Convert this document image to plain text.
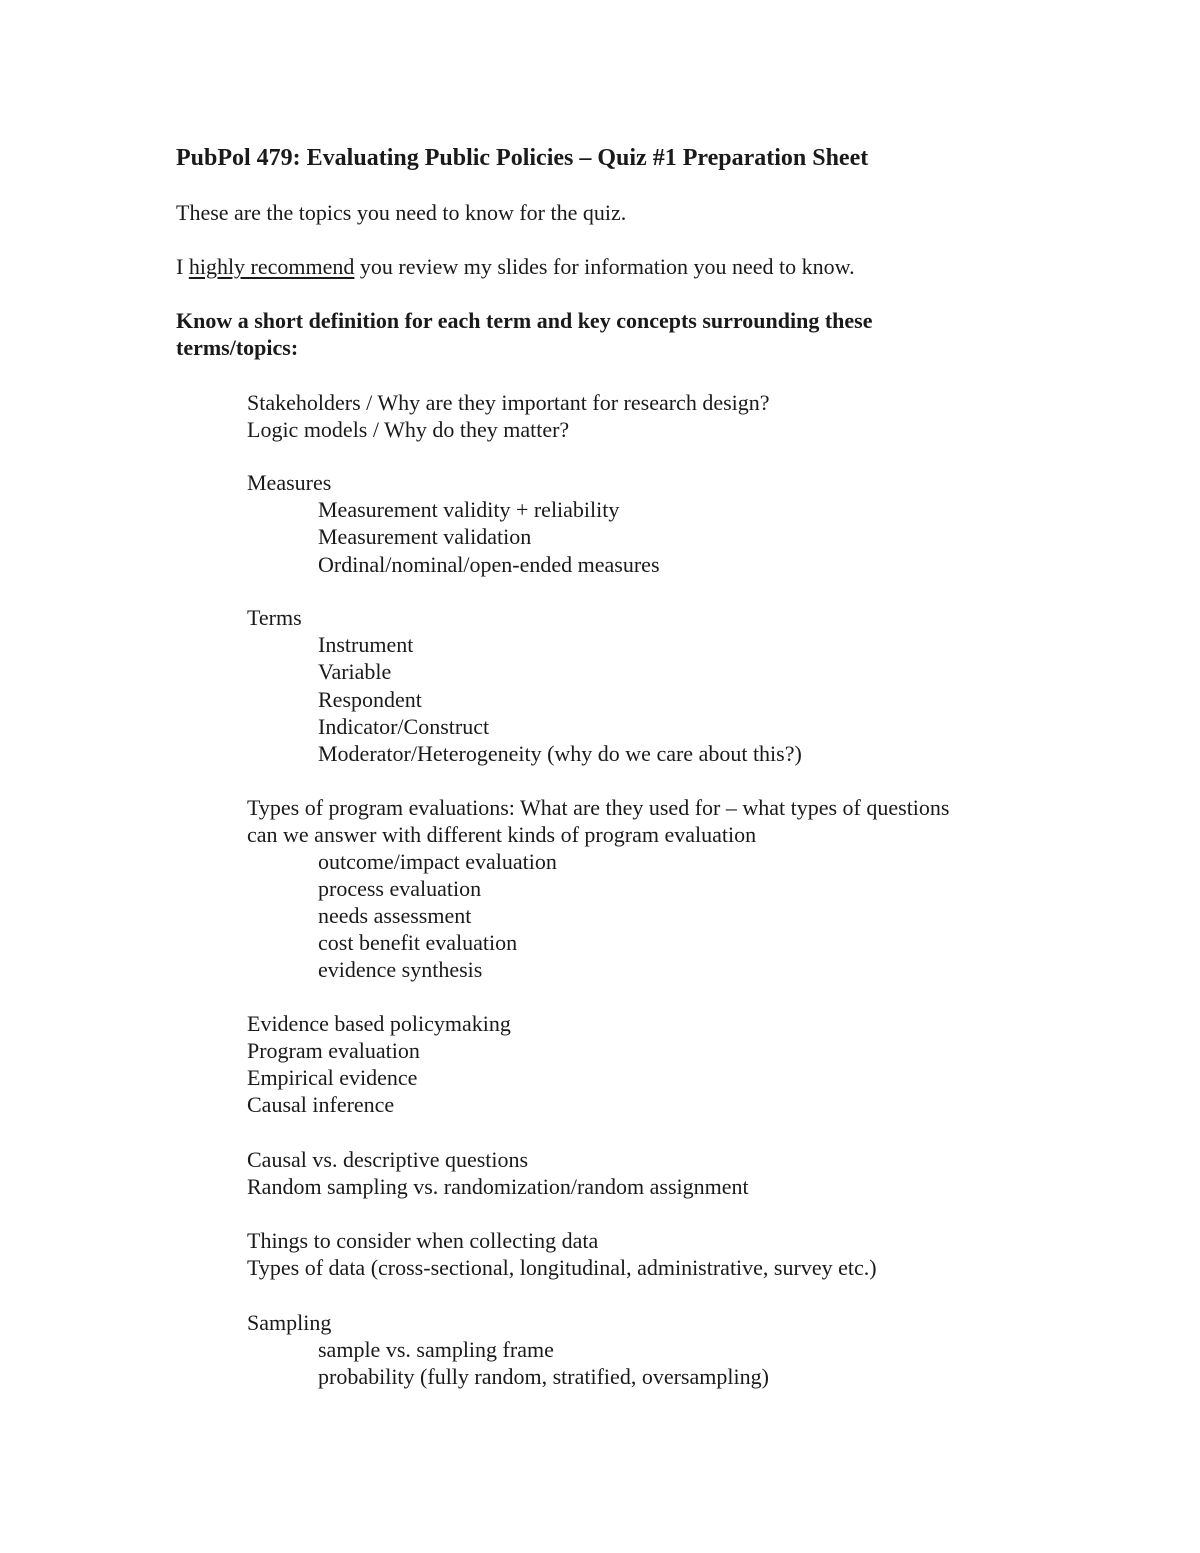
PubPol 479: Evaluating Public Policies – Quiz #1 Preparation Sheet
These are the topics you need to know for the quiz.
I highly recommend you review my slides for information you need to know.
Know a short definition for each term and key concepts surrounding these
terms/topics:
Stakeholders / Why are they important for research design?
Logic models / Why do they matter?
Measures
Measurement validity + reliability
Measurement validation
Ordinal/nominal/open-ended measures
Terms
Instrument
Variable
Respondent
Indicator/Construct
Moderator/Heterogeneity (why do we care about this?)
Types of program evaluations: What are they used for – what types of questions
can we answer with different kinds of program evaluation
outcome/impact evaluation
process evaluation
needs assessment
cost benefit evaluation
evidence synthesis
Evidence based policymaking
Program evaluation
Empirical evidence
Causal inference
Causal vs. descriptive questions
Random sampling vs. randomization/random assignment
Things to consider when collecting data
Types of data (cross-sectional, longitudinal, administrative, survey etc.)
Sampling
sample vs. sampling frame
probability (fully random, stratified, oversampling)
